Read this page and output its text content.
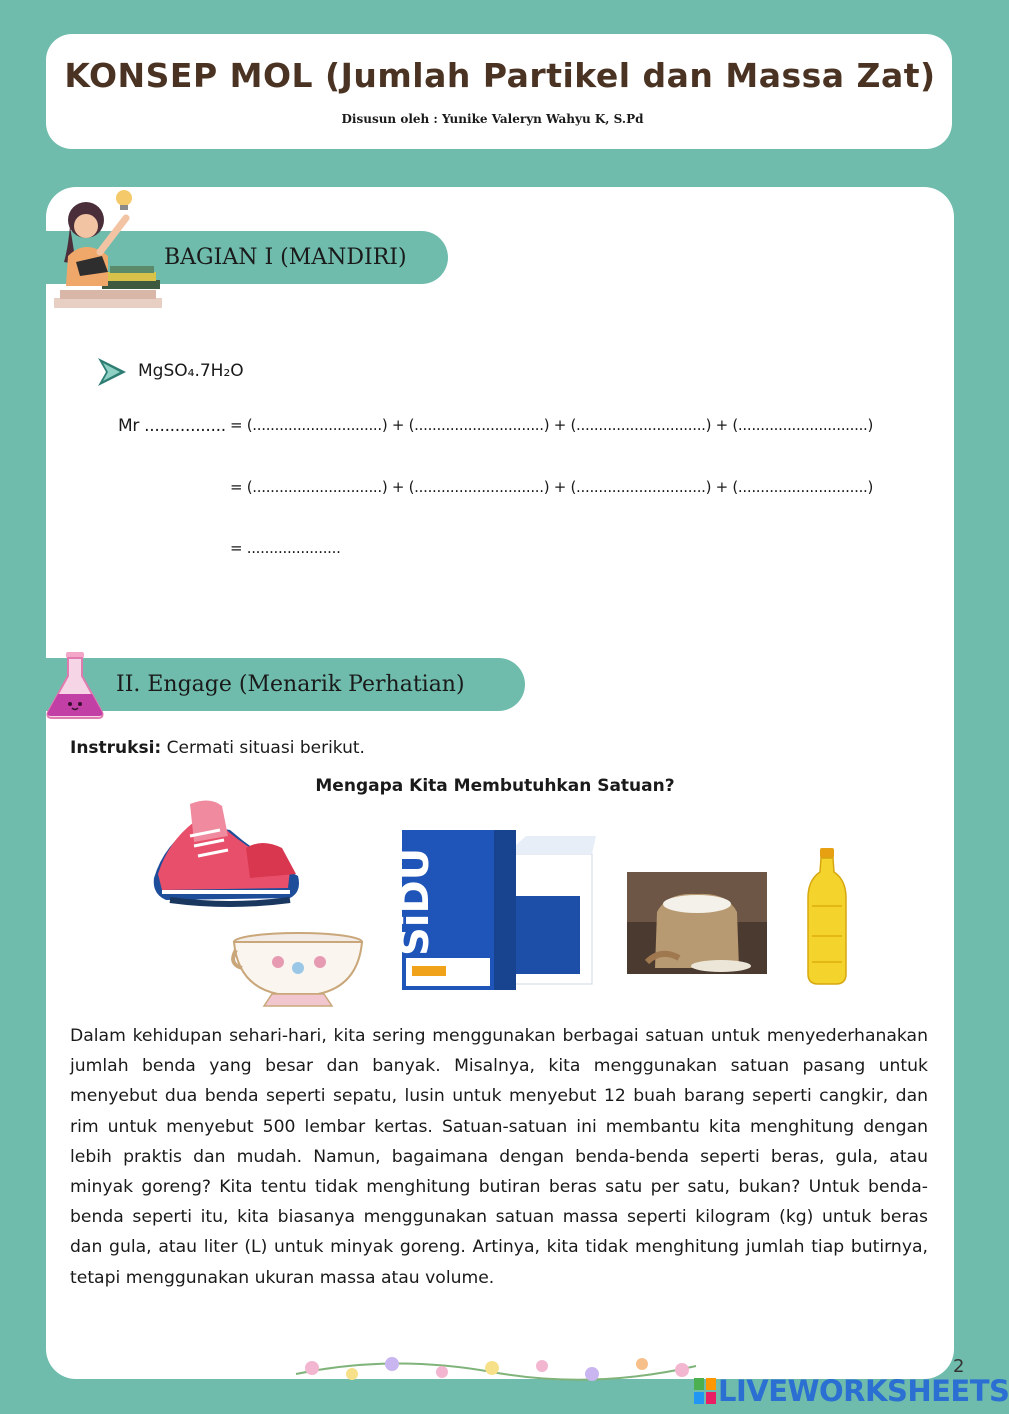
KONSEP MOL (Jumlah Partikel dan Massa Zat)
Disusun oleh : Yunike Valeryn Wahyu K, S.Pd
BAGIAN I (MANDIRI)
MgSO₄.7H₂O
Mr ................ = (.............................) + (.............................) + (.............................) + (.............................)
= (.............................) + (.............................) + (.............................) + (.............................)
= .....................
II. Engage (Menarik Perhatian)
Instruksi: Cermati situasi berikut.
Mengapa Kita Membutuhkan Satuan?
SiDU
Dalam kehidupan sehari-hari, kita sering menggunakan berbagai satuan untuk menyederhanakan jumlah benda yang besar dan banyak. Misalnya, kita menggunakan satuan pasang untuk menyebut dua benda seperti sepatu, lusin untuk menyebut 12 buah barang seperti cangkir, dan rim untuk menyebut 500 lembar kertas. Satuan-satuan ini membantu kita menghitung dengan lebih praktis dan mudah. Namun, bagaimana dengan benda-benda seperti beras, gula, atau minyak goreng? Kita tentu tidak menghitung butiran beras satu per satu, bukan? Untuk benda-benda seperti itu, kita biasanya menggunakan satuan massa seperti kilogram (kg) untuk beras dan gula, atau liter (L) untuk minyak goreng. Artinya, kita tidak menghitung jumlah tiap butirnya, tetapi menggunakan ukuran massa atau volume.
2
LIVEWORKSHEETS
